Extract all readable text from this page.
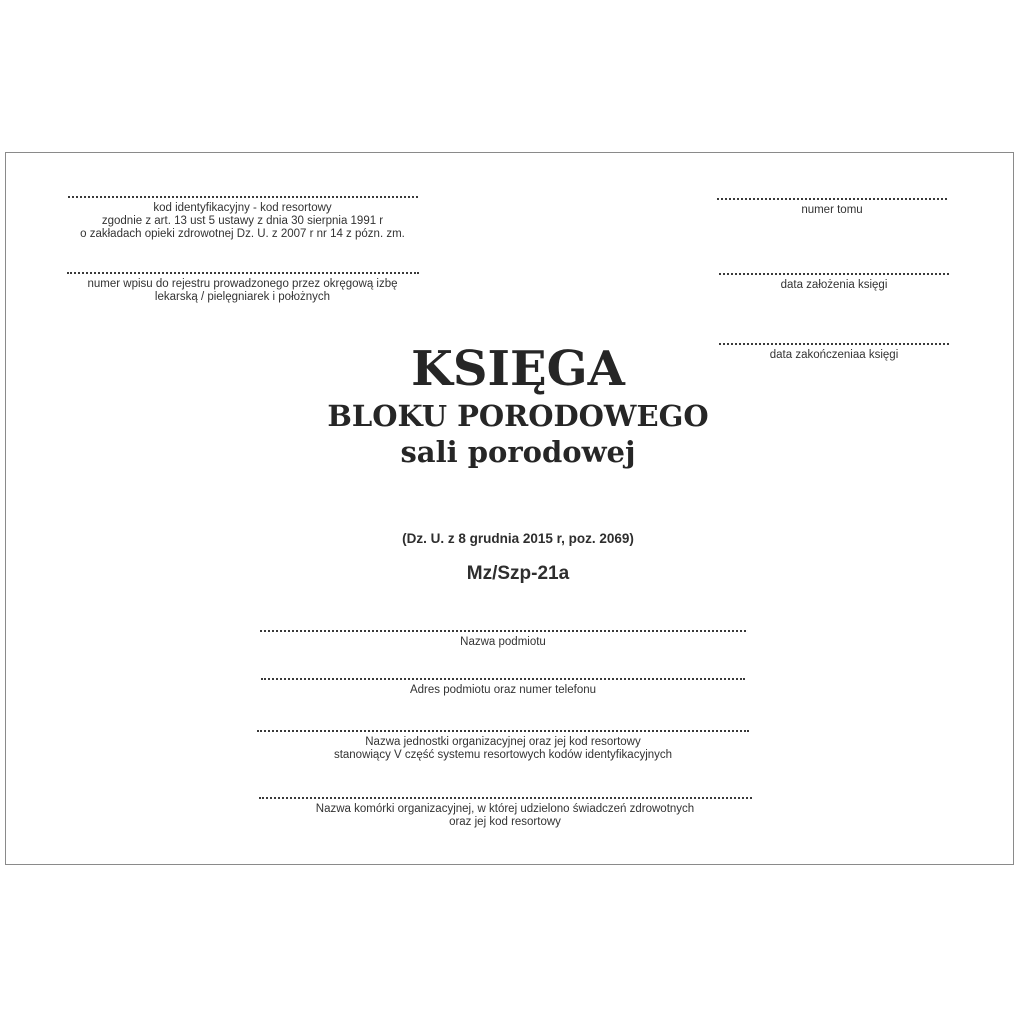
kod identyfikacyjny - kod resortowy
zgodnie z art. 13 ust 5 ustawy z dnia 30 sierpnia 1991 r
o zakładach opieki zdrowotnej Dz. U. z 2007 r nr 14 z pózn. zm.
numer wpisu do rejestru prowadzonego przez okręgową izbę
lekarską / pielęgniarek i położnych
numer tomu
data założenia księgi
data zakończeniaa księgi
KSIĘGA
BLOKU PORODOWEGO
sali porodowej
(Dz. U. z 8 grudnia 2015 r, poz. 2069)
Mz/Szp-21a
Nazwa podmiotu
Adres podmiotu oraz numer telefonu
Nazwa jednostki organizacyjnej oraz jej kod resortowy
stanowiący V część systemu resortowych kodów identyfikacyjnych
Nazwa komórki organizacyjnej, w której udzielono świadczeń zdrowotnych
oraz jej kod resortowy
